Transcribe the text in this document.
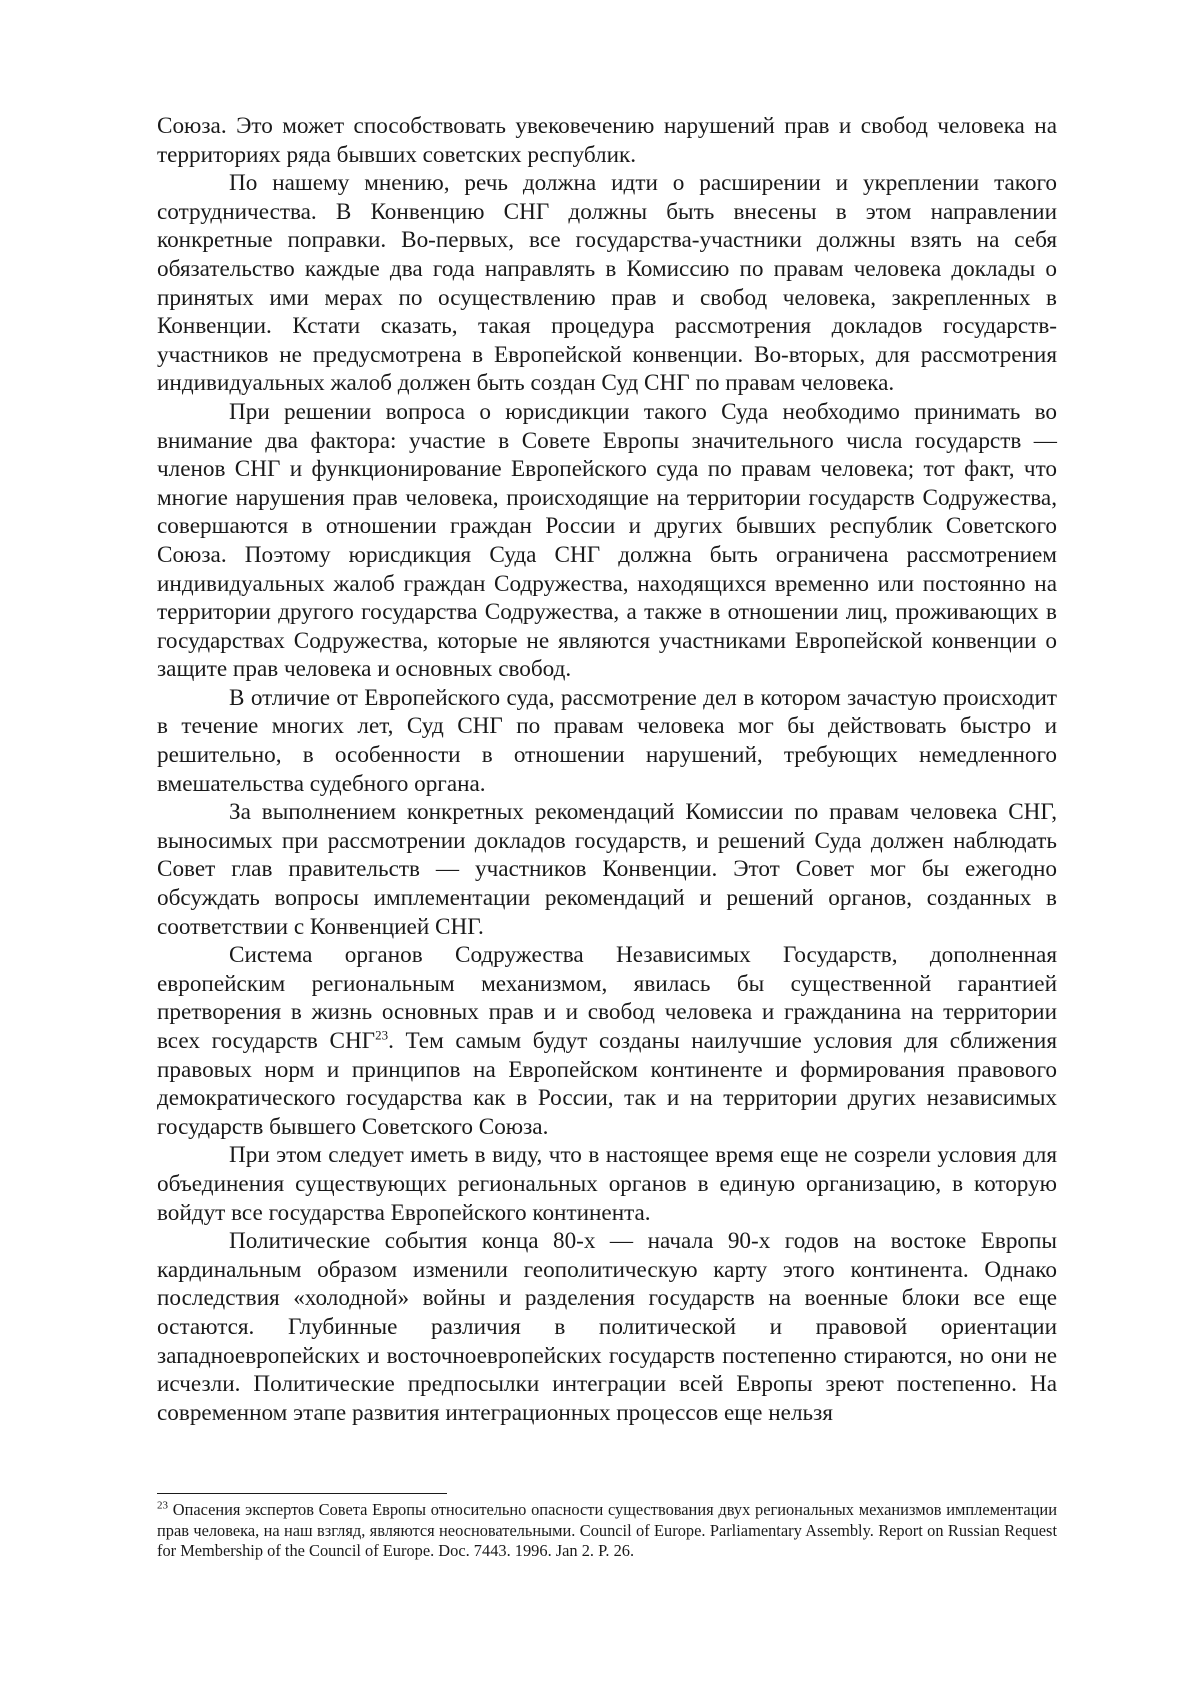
Союза. Это может способствовать увековечению нарушений прав и свобод человека на территориях ряда бывших советских республик.

По нашему мнению, речь должна идти о расширении и укреплении такого сотрудничества. В Конвенцию СНГ должны быть внесены в этом направлении конкретные поправки. Во-первых, все государства-участники должны взять на себя обязательство каждые два года направлять в Комиссию по правам человека доклады о принятых ими мерах по осуществлению прав и свобод человека, закрепленных в Конвенции. Кстати сказать, такая процедура рассмотрения докладов государств-участников не предусмотрена в Европейской конвенции. Во-вторых, для рассмотрения индивидуальных жалоб должен быть создан Суд СНГ по правам человека.

При решении вопроса о юрисдикции такого Суда необходимо принимать во внимание два фактора: участие в Совете Европы значительного числа государств — членов СНГ и функционирование Европейского суда по правам человека; тот факт, что многие нарушения прав человека, происходящие на территории государств Содружества, совершаются в отношении граждан России и других бывших республик Советского Союза. Поэтому юрисдикция Суда СНГ должна быть ограничена рассмотрением индивидуальных жалоб граждан Содружества, находящихся временно или постоянно на территории другого государства Содружества, а также в отношении лиц, проживающих в государствах Содружества, которые не являются участниками Европейской конвенции о защите прав человека и основных свобод.

В отличие от Европейского суда, рассмотрение дел в котором зачастую происходит в течение многих лет, Суд СНГ по правам человека мог бы действовать быстро и решительно, в особенности в отношении нарушений, требующих немедленного вмешательства судебного органа.

За выполнением конкретных рекомендаций Комиссии по правам человека СНГ, выносимых при рассмотрении докладов государств, и решений Суда должен наблюдать Совет глав правительств — участников Конвенции. Этот Совет мог бы ежегодно обсуждать вопросы имплементации рекомендаций и решений органов, созданных в соответствии с Конвенцией СНГ.

Система органов Содружества Независимых Государств, дополненная европейским региональным механизмом, явилась бы существенной гарантией претворения в жизнь основных прав и и свобод человека и гражданина на территории всех государств СНГ$^{23}$. Тем самым будут созданы наилучшие условия для сближения правовых норм и принципов на Европейском континенте и формирования правового демократического государства как в России, так и на территории других независимых государств бывшего Советского Союза.

При этом следует иметь в виду, что в настоящее время еще не созрели условия для объединения существующих региональных органов в единую организацию, в которую войдут все государства Европейского континента.

Политические события конца 80-х — начала 90-х годов на востоке Европы кардинальным образом изменили геополитическую карту этого континента. Однако последствия «холодной» войны и разделения государств на военные блоки все еще остаются. Глубинные различия в политической и правовой ориентации западноевропейских и восточноевропейских государств постепенно стираются, но они не исчезли. Политические предпосылки интеграции всей Европы зреют постепенно. На современном этапе развития интеграционных процессов еще нельзя

$^{23}$ Опасения экспертов Совета Европы относительно опасности существования двух региональных механизмов имплементации прав человека, на наш взгляд, являются неосновательными. Council of Europe. Parliamentary Assembly. Report on Russian Request for Membership of the Council of Europe. Doc. 7443. 1996. Jan 2. P. 26.
